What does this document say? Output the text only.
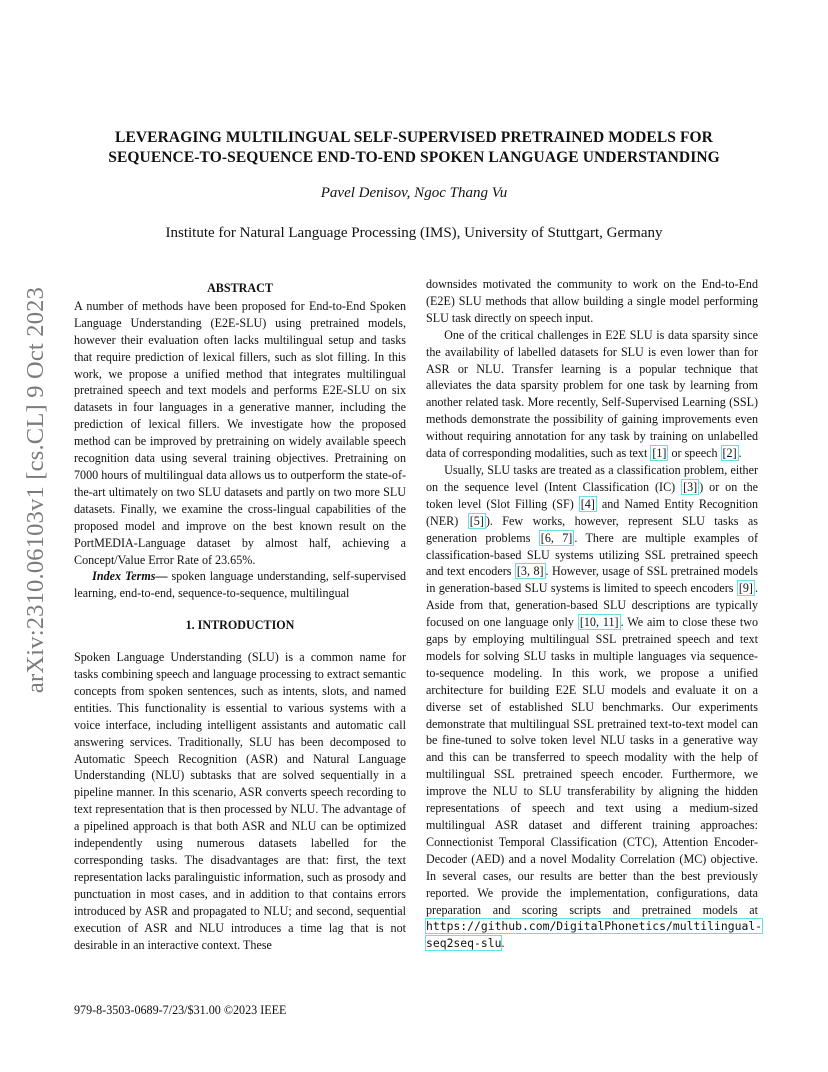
arXiv:2310.06103v1 [cs.CL] 9 Oct 2023
LEVERAGING MULTILINGUAL SELF-SUPERVISED PRETRAINED MODELS FOR
SEQUENCE-TO-SEQUENCE END-TO-END SPOKEN LANGUAGE UNDERSTANDING
Pavel Denisov, Ngoc Thang Vu
Institute for Natural Language Processing (IMS), University of Stuttgart, Germany
ABSTRACT

A number of methods have been proposed for End-to-End Spoken Language Understanding (E2E-SLU) using pretrained models, however their evaluation often lacks multilingual setup and tasks that require prediction of lexical fillers, such as slot filling. In this work, we propose a unified method that integrates multilingual pretrained speech and text models and performs E2E-SLU on six datasets in four languages in a generative manner, including the prediction of lexical fillers. We investigate how the proposed method can be improved by pretraining on widely available speech recognition data using several training objectives. Pretraining on 7000 hours of multilingual data allows us to outperform the state-of-the-art ultimately on two SLU datasets and partly on two more SLU datasets. Finally, we examine the cross-lingual capabilities of the proposed model and improve on the best known result on the PortMEDIA-Language dataset by almost half, achieving a Concept/Value Error Rate of 23.65%.

Index Terms— spoken language understanding, self-supervised learning, end-to-end, sequence-to-sequence, multilingual

1. INTRODUCTION

Spoken Language Understanding (SLU) is a common name for tasks combining speech and language processing to extract semantic concepts from spoken sentences, such as intents, slots, and named entities. This functionality is essential to various systems with a voice interface, including intelligent assistants and automatic call answering services. Traditionally, SLU has been decomposed to Automatic Speech Recognition (ASR) and Natural Language Understanding (NLU) subtasks that are solved sequentially in a pipeline manner. In this scenario, ASR converts speech recording to text representation that is then processed by NLU. The advantage of a pipelined approach is that both ASR and NLU can be optimized independently using numerous datasets labelled for the corresponding tasks. The disadvantages are that: first, the text representation lacks paralinguistic information, such as prosody and punctuation in most cases, and in addition to that contains errors introduced by ASR and propagated to NLU; and second, sequential execution of ASR and NLU introduces a time lag that is not desirable in an interactive context. These

downsides motivated the community to work on the End-to-End (E2E) SLU methods that allow building a single model performing SLU task directly on speech input.

One of the critical challenges in E2E SLU is data sparsity since the availability of labelled datasets for SLU is even lower than for ASR or NLU. Transfer learning is a popular technique that alleviates the data sparsity problem for one task by learning from another related task. More recently, Self-Supervised Learning (SSL) methods demonstrate the possibility of gaining improvements even without requiring annotation for any task by training on unlabelled data of corresponding modalities, such as text [1] or speech [2] .

Usually, SLU tasks are treated as a classification problem, either on the sequence level (Intent Classification (IC) [3] ) or on the token level (Slot Filling (SF) [4] and Named Entity Recognition (NER) [5] ). Few works, however, represent SLU tasks as generation problems [6, 7] . There are multiple examples of classification-based SLU systems utilizing SSL pretrained speech and text encoders [3, 8] . However, usage of SSL pretrained models in generation-based SLU systems is limited to speech encoders [9] . Aside from that, generation-based SLU descriptions are typically focused on one language only [10, 11] . We aim to close these two gaps by employing multilingual SSL pretrained speech and text models for solving SLU tasks in multiple languages via sequence-to-sequence modeling. In this work, we propose a unified architecture for building E2E SLU models and evaluate it on a diverse set of established SLU benchmarks. Our experiments demonstrate that multilingual SSL pretrained text-to-text model can be fine-tuned to solve token level NLU tasks in a generative way and this can be transferred to speech modality with the help of multilingual SSL pretrained speech encoder. Furthermore, we improve the NLU to SLU transferability by aligning the hidden representations of speech and text using a medium-sized multilingual ASR dataset and different training approaches: Connectionist Temporal Classification (CTC), Attention Encoder-Decoder (AED) and a novel Modality Correlation (MC) objective. In several cases, our results are better than the best previously reported. We provide the implementation, configurations, data preparation and scoring scripts and pretrained models at https://github.com/DigitalPhonetics/multilingual-seq2seq-slu.

979-8-3503-0689-7/23/$31.00 ©2023 IEEE
